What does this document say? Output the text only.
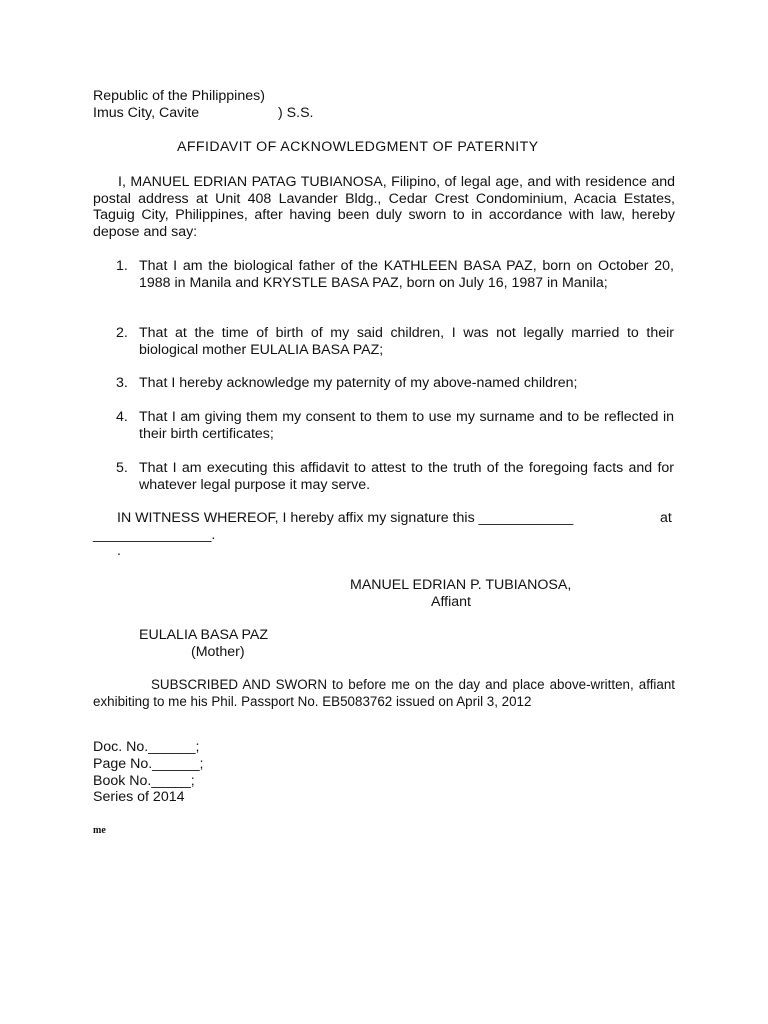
Republic of the Philippines)
Imus City, Cavite	) S.S.
AFFIDAVIT OF ACKNOWLEDGMENT OF PATERNITY
I, MANUEL EDRIAN PATAG TUBIANOSA, Filipino, of legal age, and with residence and postal address at Unit 408 Lavander Bldg., Cedar Crest Condominium, Acacia Estates, Taguig City, Philippines, after having been duly sworn to in accordance with law, hereby depose and say:
1. That I am the biological father of the KATHLEEN BASA PAZ, born on October 20, 1988 in Manila and KRYSTLE BASA PAZ, born on July 16, 1987 in Manila;
2. That at the time of birth of my said children, I was not legally married to their biological mother EULALIA BASA PAZ;
3. That I hereby acknowledge my paternity of my above-named children;
4. That I am giving them my consent to them to use my surname and to be reflected in their birth certificates;
5. That I am executing this affidavit to attest to the truth of the foregoing facts and for whatever legal purpose it may serve.
IN WITNESS WHEREOF, I hereby affix my signature this ____________	at
_______________.
.
MANUEL EDRIAN P. TUBIANOSA,
Affiant
EULALIA BASA PAZ
(Mother)
SUBSCRIBED AND SWORN to before me on the day and place above-written, affiant exhibiting to me his Phil. Passport No. EB5083762 issued on April 3, 2012
Doc. No.______;
Page No.______;
Book No._____;
Series of 2014
me
